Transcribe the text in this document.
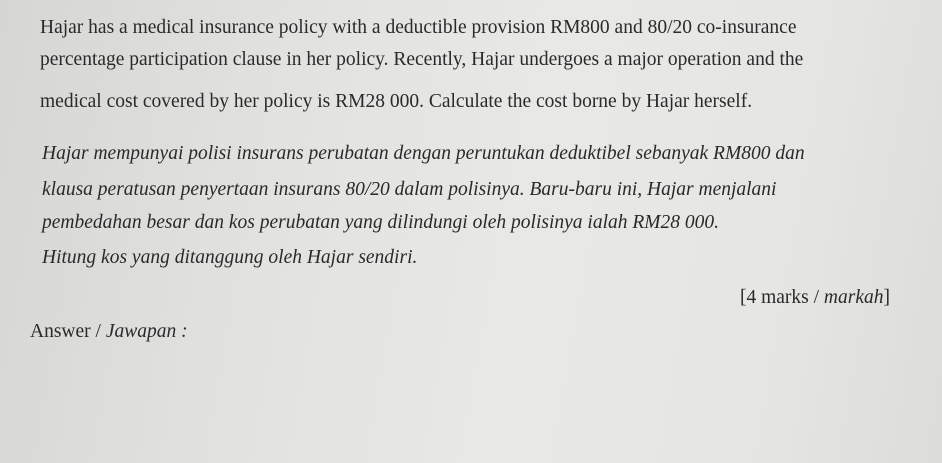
Hajar has a medical insurance policy with a deductible provision RM800 and 80/20 co-insurance
percentage participation clause in her policy. Recently, Hajar undergoes a major operation and the
medical cost covered by her policy is RM28 000. Calculate the cost borne by Hajar herself.
Hajar mempunyai polisi insurans perubatan dengan peruntukan deduktibel sebanyak RM800 dan
klausa peratusan penyertaan insurans 80/20 dalam polisinya. Baru-baru ini, Hajar menjalani
pembedahan besar dan kos perubatan yang dilindungi oleh polisinya ialah RM28 000.
Hitung kos yang ditanggung oleh Hajar sendiri.
[4 marks / markah]
Answer / Jawapan :
